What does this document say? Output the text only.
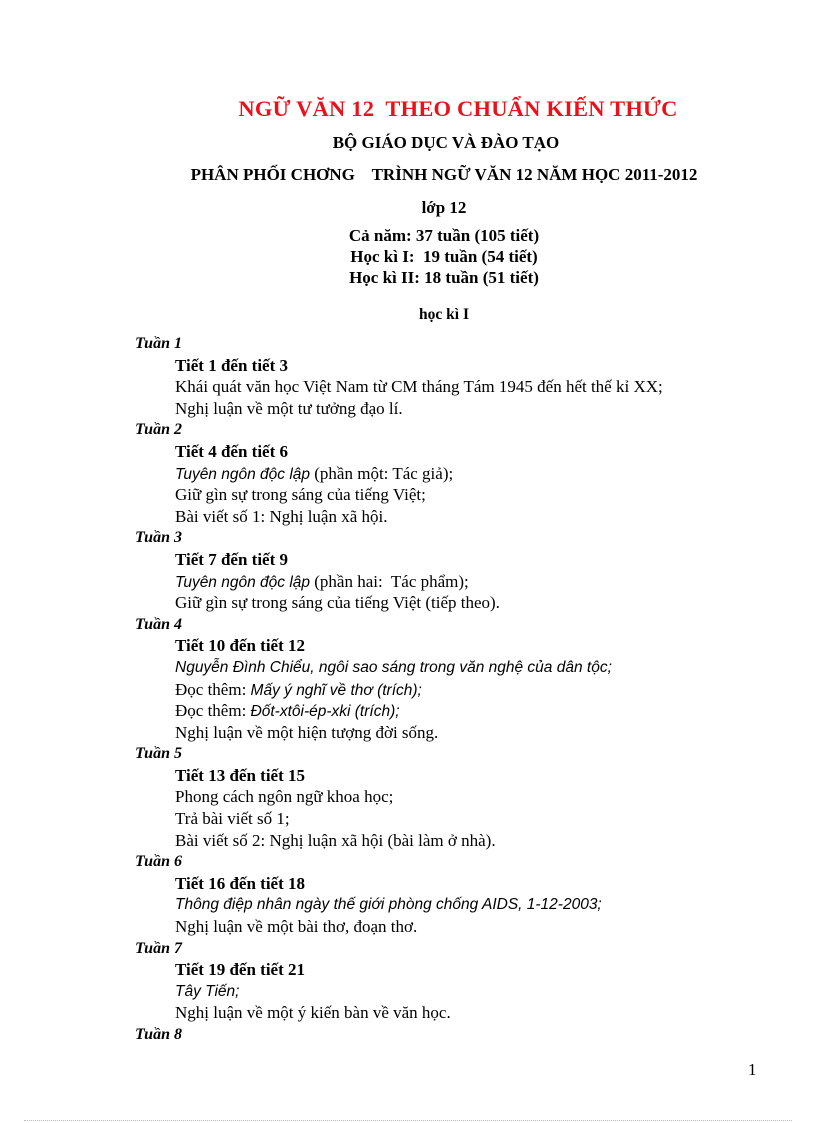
NGỮ VĂN 12  THEO CHUẨN KIẾN THỨC
BỘ GIÁO DỤC VÀ ĐÀO TẠO
PHÂN PHỐI CHƠNG    TRÌNH NGỮ VĂN 12 NĂM HỌC 2011-2012
lớp 12
Cả năm: 37 tuần (105 tiết)
Học kì I:  19 tuần (54 tiết)
Học kì II: 18 tuần (51 tiết)
học kì I
Tuần 1
Tiết 1 đến tiết 3
Khái quát văn học Việt Nam từ CM tháng Tám 1945 đến hết thế kỉ XX;
Nghị luận về một tư tưởng đạo lí.
Tuần 2
Tiết 4 đến tiết 6
Tuyên ngôn độc lập (phần một: Tác giả);
Giữ gìn sự trong sáng của tiếng Việt;
Bài viết số 1: Nghị luận xã hội.
Tuần 3
Tiết 7 đến tiết 9
Tuyên ngôn độc lập (phần hai:  Tác phẩm);
Giữ gìn sự trong sáng của tiếng Việt (tiếp theo).
Tuần 4
Tiết 10 đến tiết 12
Nguyễn Đình Chiểu, ngôi sao sáng trong văn nghệ của dân tộc;
Đọc thêm: Mấy ý nghĩ về thơ (trích);
Đọc thêm: Đốt-xtôi-ép-xki (trích);
Nghị luận về một hiện tượng đời sống.
Tuần 5
Tiết 13 đến tiết 15
Phong cách ngôn ngữ khoa học;
Trả bài viết số 1;
Bài viết số 2: Nghị luận xã hội (bài làm ở nhà).
Tuần 6
Tiết 16 đến tiết 18
Thông điệp nhân ngày thế giới phòng chống AIDS, 1-12-2003;
Nghị luận về một bài thơ, đoạn thơ.
Tuần 7
Tiết 19 đến tiết 21
Tây Tiến;
Nghị luận về một ý kiến bàn về văn học.
Tuần 8
1
